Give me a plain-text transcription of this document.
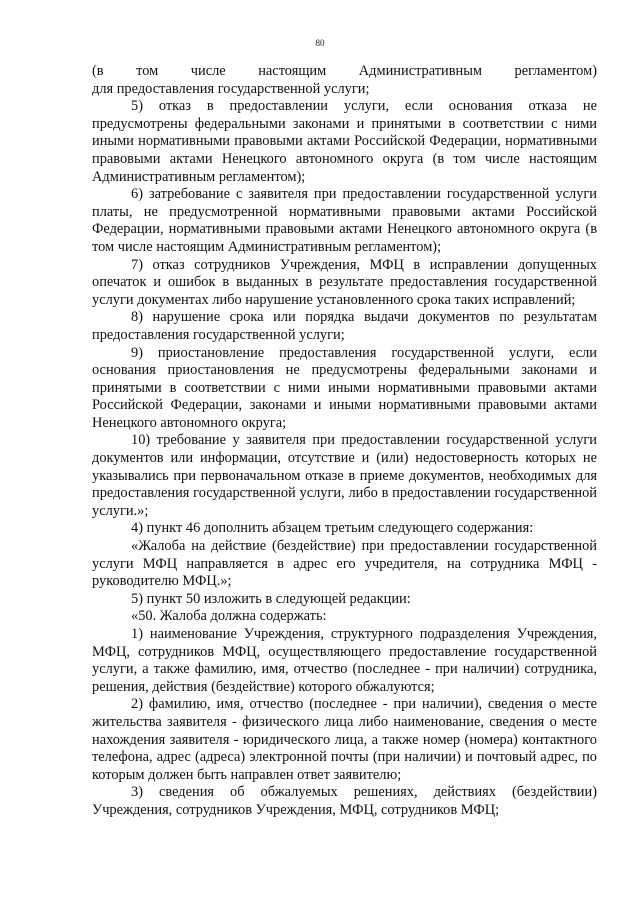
80

(в том числе настоящим Административным регламентом)

для предоставления государственной услуги;

5) отказ в предоставлении услуги, если основания отказа не предусмотрены федеральными законами и принятыми в соответствии с ними иными нормативными правовыми актами Российской Федерации, нормативными правовыми актами Ненецкого автономного округа (в том числе настоящим Административным регламентом);

6) затребование с заявителя при предоставлении государственной услуги платы, не предусмотренной нормативными правовыми актами Российской Федерации, нормативными правовыми актами Ненецкого автономного округа (в том числе настоящим Административным регламентом);

7) отказ сотрудников Учреждения, МФЦ в исправлении допущенных опечаток и ошибок в выданных в результате предоставления государственной услуги документах либо нарушение установленного срока таких исправлений;

8) нарушение срока или порядка выдачи документов по результатам предоставления государственной услуги;

9) приостановление предоставления государственной услуги, если основания приостановления не предусмотрены федеральными законами и принятыми в соответствии с ними иными нормативными правовыми актами Российской Федерации, законами и иными нормативными правовыми актами Ненецкого автономного округа;

10) требование у заявителя при предоставлении государственной услуги документов или информации, отсутствие и (или) недостоверность которых не указывались при первоначальном отказе в приеме документов, необходимых для предоставления государственной услуги, либо в предоставлении государственной услуги.»;

4) пункт 46 дополнить абзацем третьим следующего содержания:

«Жалоба на действие (бездействие) при предоставлении государственной услуги МФЦ направляется в адрес его учредителя, на сотрудника МФЦ - руководителю МФЦ.»;

5) пункт 50 изложить в следующей редакции:

«50. Жалоба должна содержать:

1) наименование Учреждения, структурного подразделения Учреждения, МФЦ, сотрудников МФЦ, осуществляющего предоставление государственной услуги, а также фамилию, имя, отчество (последнее - при наличии) сотрудника, решения, действия (бездействие) которого обжалуются;

2) фамилию, имя, отчество (последнее - при наличии), сведения о месте жительства заявителя - физического лица либо наименование, сведения о месте нахождения заявителя - юридического лица, а также номер (номера) контактного телефона, адрес (адреса) электронной почты (при наличии) и почтовый адрес, по которым должен быть направлен ответ заявителю;

3) сведения об обжалуемых решениях, действиях (бездействии) Учреждения, сотрудников Учреждения, МФЦ, сотрудников МФЦ;
